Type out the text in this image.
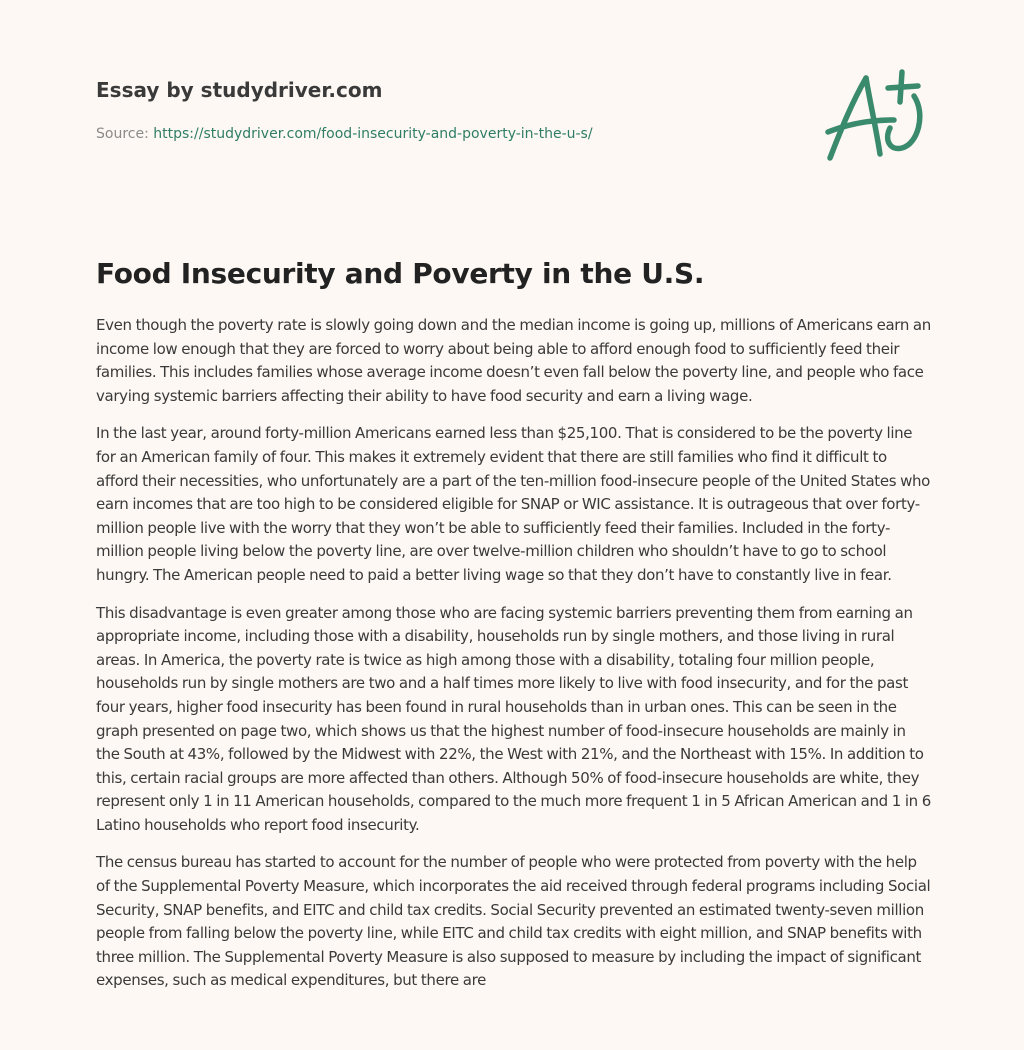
Essay by studydriver.com
Source: https://studydriver.com/food-insecurity-and-poverty-in-the-u-s/
Food Insecurity and Poverty in the U.S.

Even though the poverty rate is slowly going down and the median income is going up, millions of Americans earn an income low enough that they are forced to worry about being able to afford enough food to sufficiently feed their families. This includes families whose average income doesn’t even fall below the poverty line, and people who face varying systemic barriers affecting their ability to have food security and earn a living wage.

In the last year, around forty-million Americans earned less than $25,100. That is considered to be the poverty line for an American family of four. This makes it extremely evident that there are still families who find it difficult to afford their necessities, who unfortunately are a part of the ten-million food-insecure people of the United States who earn incomes that are too high to be considered eligible for SNAP or WIC assistance. It is outrageous that over forty-million people live with the worry that they won’t be able to sufficiently feed their families. Included in the forty-million people living below the poverty line, are over twelve-million children who shouldn’t have to go to school hungry. The American people need to paid a better living wage so that they don’t have to constantly live in fear.

This disadvantage is even greater among those who are facing systemic barriers preventing them from earning an appropriate income, including those with a disability, households run by single mothers, and those living in rural areas. In America, the poverty rate is twice as high among those with a disability, totaling four million people, households run by single mothers are two and a half times more likely to live with food insecurity, and for the past four years, higher food insecurity has been found in rural households than in urban ones. This can be seen in the graph presented on page two, which shows us that the highest number of food-insecure households are mainly in the South at 43%, followed by the Midwest with 22%, the West with 21%, and the Northeast with 15%. In addition to this, certain racial groups are more affected than others. Although 50% of food-insecure households are white, they represent only 1 in 11 American households, compared to the much more frequent 1 in 5 African American and 1 in 6 Latino households who report food insecurity.

The census bureau has started to account for the number of people who were protected from poverty with the help of the Supplemental Poverty Measure, which incorporates the aid received through federal programs including Social Security, SNAP benefits, and EITC and child tax credits. Social Security prevented an estimated twenty-seven million people from falling below the poverty line, while EITC and child tax credits with eight million, and SNAP benefits with three million. The Supplemental Poverty Measure is also supposed to measure by including the impact of significant expenses, such as medical expenditures, but there are
